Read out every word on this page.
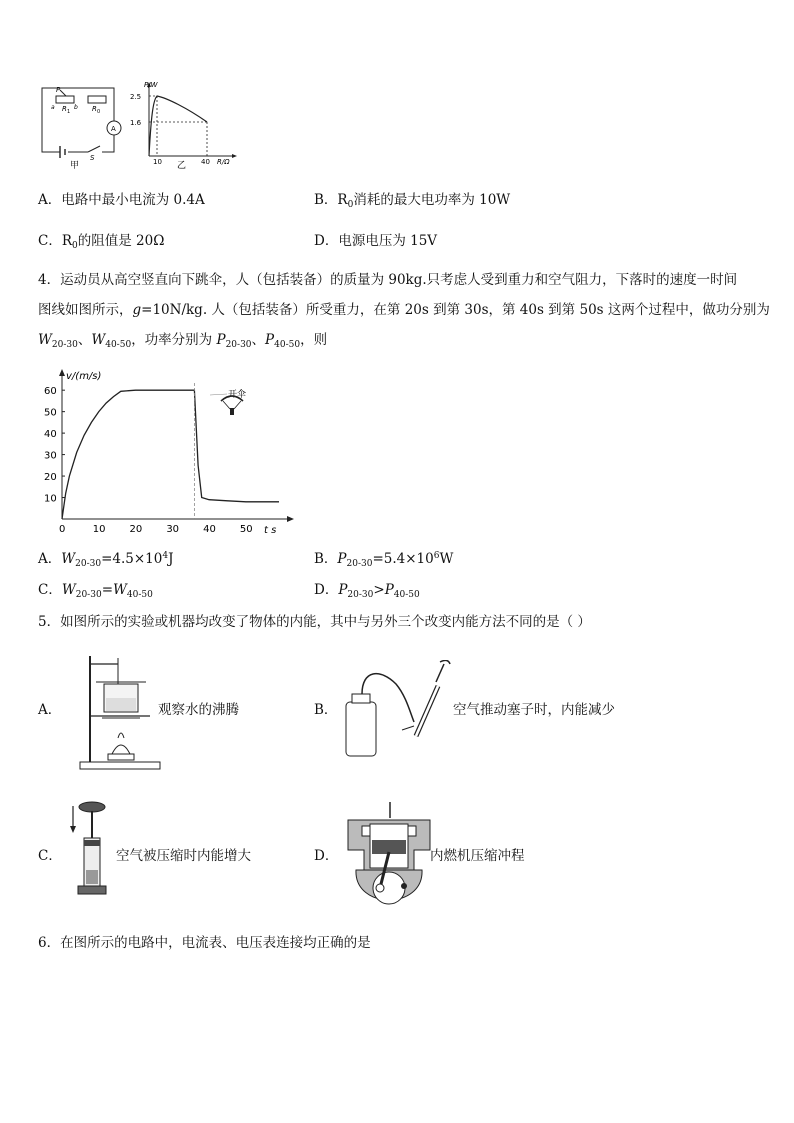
P
a R 1
b R 0
A
S
甲
P/W
2.5
1.6
10	40 R/Ω
乙
A．电路中最小电流为 0.4A	B．$R_0$消耗的最大电功率为 10W
C．$R_0$的阻值是 20Ω	D．电源电压为 15V
4．运动员从高空竖直向下跳伞，人（包括装备）的质量为 90kg.只考虑人受到重力和空气阻力，下落时的速度一时间
图线如图所示，g=10N/kg. 人（包括装备）所受重力，在第 20s 到第 30s，第 40s 到第 50s 这两个过程中，做功分别为
$W_{20-30}$、$W_{40-50}$，功率分别为 $P_{20-30}$、$P_{40-50}$，则
v/(m/s)
t s
0	10 20 30 40 50
10
20
30
40
50
60	开伞
A．$W_{20-30}=4.5\times 10^4J$	B．$P_{20-30}=5.4\times 10^6W$
C．$W_{20-30}=W_{40-50}$	D．$P_{20-30}>P_{40-50}$
5．如图所示的实验或机器均改变了物体的内能，其中与另外三个改变内能方法不同的是（ ）
A．	观察水的沸腾	B．	空气推动塞子时，内能减少
C．	空气被压缩时内能增大	D．	内燃机压缩冲程
6．在图所示的电路中，电流表、电压表连接均正确的是
